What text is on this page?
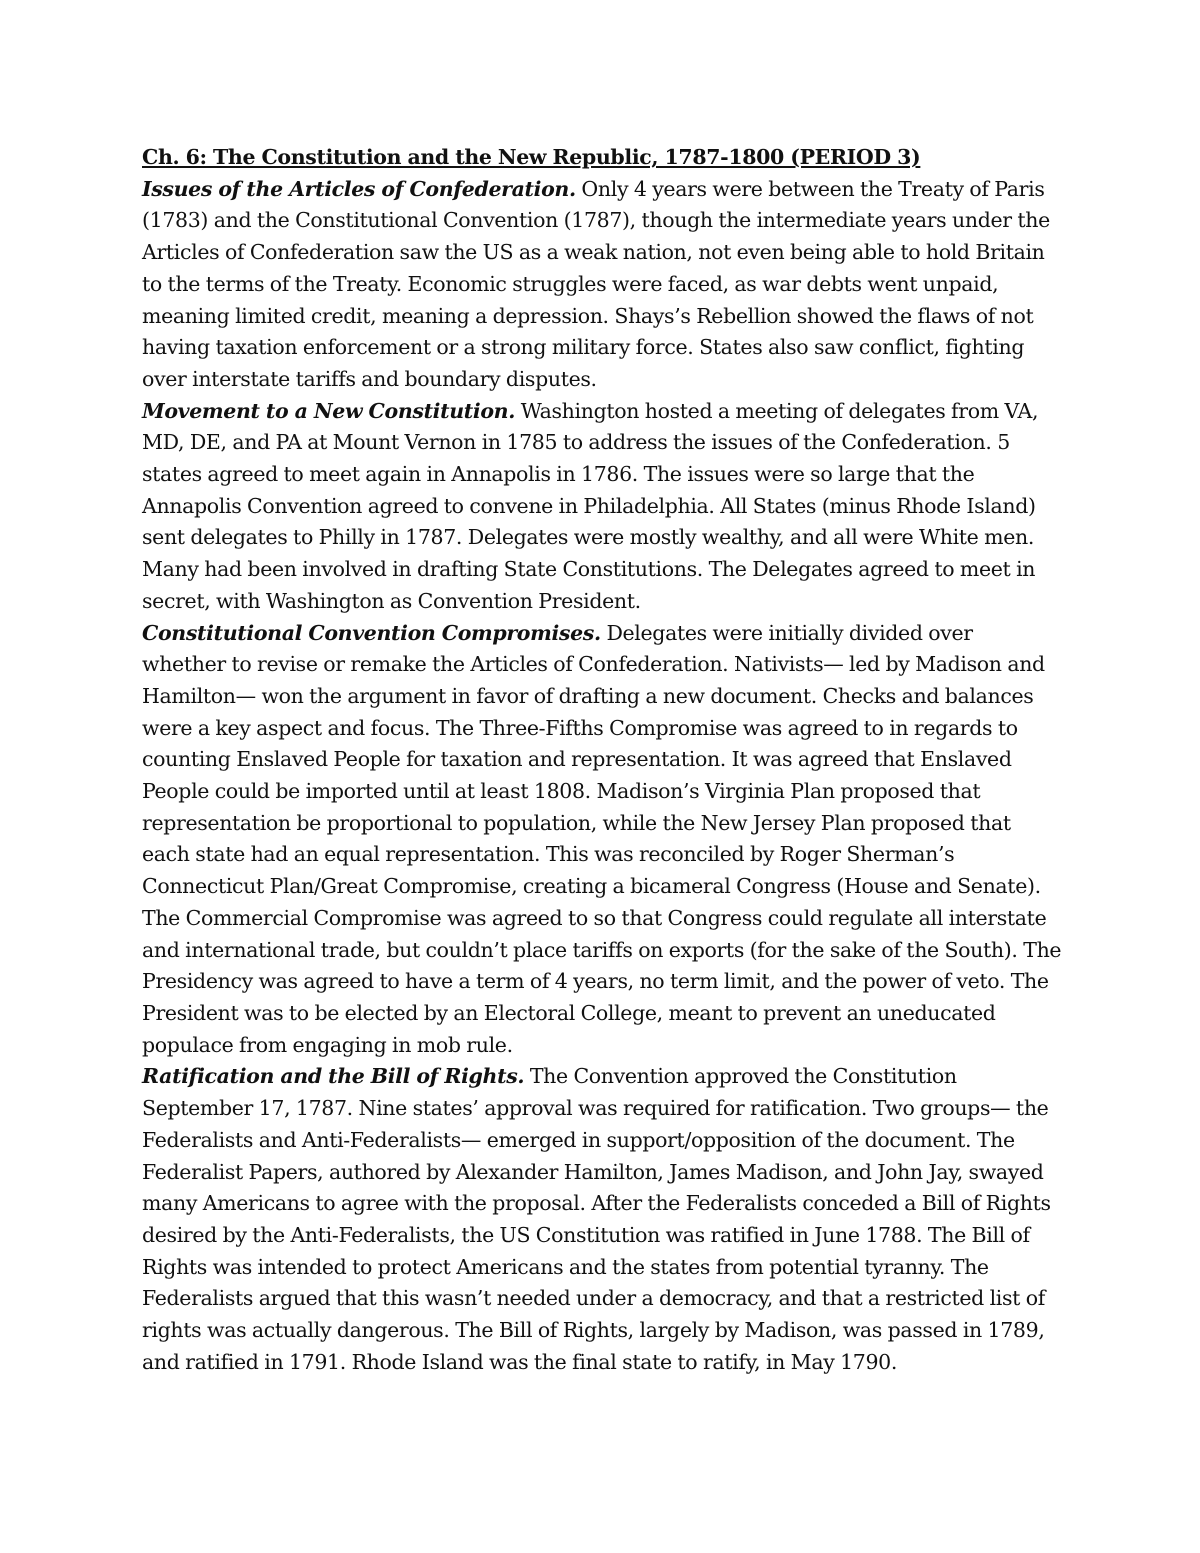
Ch. 6: The Constitution and the New Republic, 1787-1800 (PERIOD 3)

Issues of the Articles of Confederation. Only 4 years were between the Treaty of Paris (1783) and the Constitutional Convention (1787), though the intermediate years under the Articles of Confederation saw the US as a weak nation, not even being able to hold Britain to the terms of the Treaty. Economic struggles were faced, as war debts went unpaid, meaning limited credit, meaning a depression. Shays’s Rebellion showed the flaws of not having taxation enforcement or a strong military force. States also saw conflict, fighting over interstate tariffs and boundary disputes.

Movement to a New Constitution. Washington hosted a meeting of delegates from VA, MD, DE, and PA at Mount Vernon in 1785 to address the issues of the Confederation. 5 states agreed to meet again in Annapolis in 1786. The issues were so large that the Annapolis Convention agreed to convene in Philadelphia. All States (minus Rhode Island) sent delegates to Philly in 1787. Delegates were mostly wealthy, and all were White men. Many had been involved in drafting State Constitutions. The Delegates agreed to meet in secret, with Washington as Convention President.

Constitutional Convention Compromises. Delegates were initially divided over whether to revise or remake the Articles of Confederation. Nativists— led by Madison and Hamilton— won the argument in favor of drafting a new document. Checks and balances were a key aspect and focus. The Three-Fifths Compromise was agreed to in regards to counting Enslaved People for taxation and representation. It was agreed that Enslaved People could be imported until at least 1808. Madison’s Virginia Plan proposed that representation be proportional to population, while the New Jersey Plan proposed that each state had an equal representation. This was reconciled by Roger Sherman’s Connecticut Plan/Great Compromise, creating a bicameral Congress (House and Senate). The Commercial Compromise was agreed to so that Congress could regulate all interstate and international trade, but couldn’t place tariffs on exports (for the sake of the South). The Presidency was agreed to have a term of 4 years, no term limit, and the power of veto. The President was to be elected by an Electoral College, meant to prevent an uneducated populace from engaging in mob rule.

Ratification and the Bill of Rights. The Convention approved the Constitution September 17, 1787. Nine states’ approval was required for ratification. Two groups— the Federalists and Anti-Federalists— emerged in support/opposition of the document. The Federalist Papers, authored by Alexander Hamilton, James Madison, and John Jay, swayed many Americans to agree with the proposal. After the Federalists conceded a Bill of Rights desired by the Anti-Federalists, the US Constitution was ratified in June 1788. The Bill of Rights was intended to protect Americans and the states from potential tyranny. The Federalists argued that this wasn’t needed under a democracy, and that a restricted list of rights was actually dangerous. The Bill of Rights, largely by Madison, was passed in 1789, and ratified in 1791. Rhode Island was the final state to ratify, in May 1790.
